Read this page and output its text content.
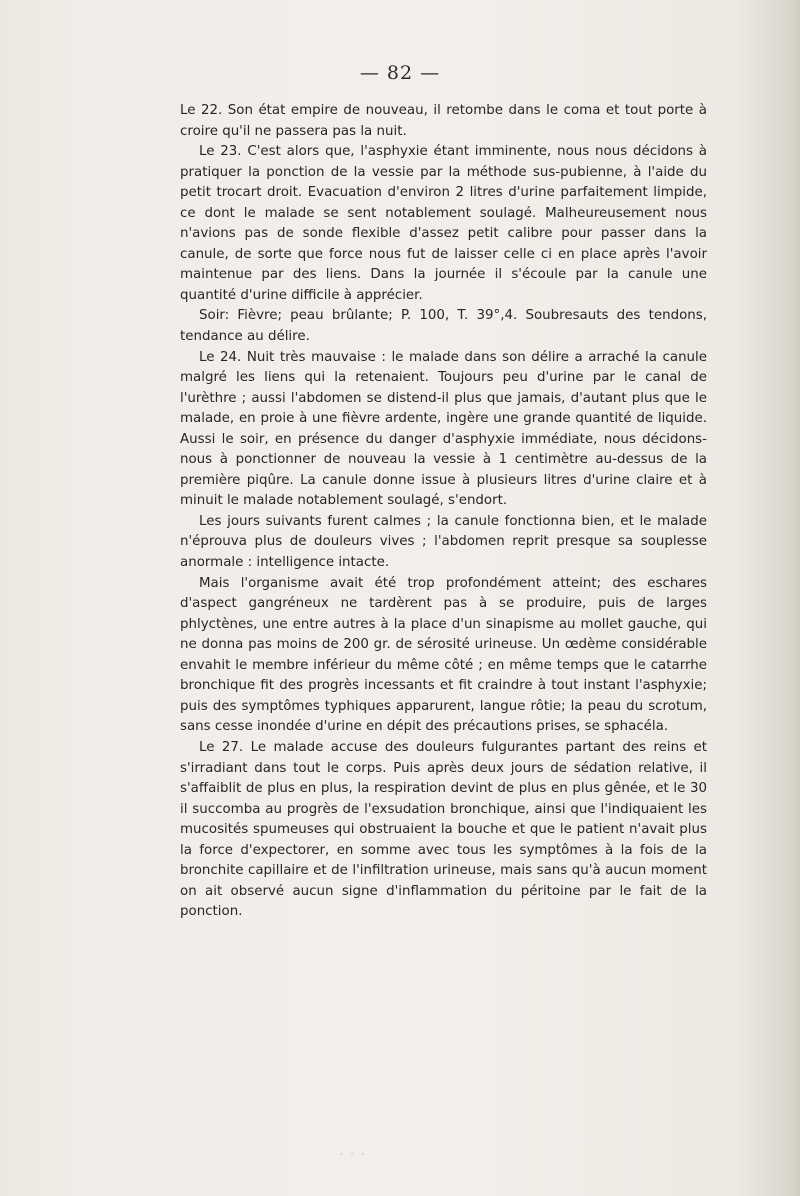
— 82 —

Le 22. Son état empire de nouveau, il retombe dans le coma et tout porte à croire qu'il ne passera pas la nuit.

Le 23. C'est alors que, l'asphyxie étant imminente, nous nous décidons à pratiquer la ponction de la vessie par la méthode sus-pubienne, à l'aide du petit trocart droit. Evacuation d'environ 2 litres d'urine parfaitement limpide, ce dont le malade se sent notablement soulagé. Malheureusement nous n'avions pas de sonde flexible d'assez petit calibre pour passer dans la canule, de sorte que force nous fut de laisser celle ci en place après l'avoir maintenue par des liens. Dans la journée il s'écoule par la canule une quantité d'urine difficile à apprécier.

Soir: Fièvre; peau brûlante; P. 100, T. 39°,4. Soubresauts des tendons, tendance au délire.

Le 24. Nuit très mauvaise : le malade dans son délire a arraché la canule malgré les liens qui la retenaient. Toujours peu d'urine par le canal de l'urèthre ; aussi l'abdomen se distend-il plus que jamais, d'autant plus que le malade, en proie à une fièvre ardente, ingère une grande quantité de liquide. Aussi le soir, en présence du danger d'asphyxie immédiate, nous décidons-nous à ponctionner de nouveau la vessie à 1 centimètre au-dessus de la première piqûre. La canule donne issue à plusieurs litres d'urine claire et à minuit le malade notablement soulagé, s'endort.

Les jours suivants furent calmes ; la canule fonctionna bien, et le malade n'éprouva plus de douleurs vives ; l'abdomen reprit presque sa souplesse anormale : intelligence intacte.

Mais l'organisme avait été trop profondément atteint; des eschares d'aspect gangréneux ne tardèrent pas à se produire, puis de larges phlyctènes, une entre autres à la place d'un sinapisme au mollet gauche, qui ne donna pas moins de 200 gr. de sérosité urineuse. Un œdème considérable envahit le membre inférieur du même côté ; en même temps que le catarrhe bronchique fit des progrès incessants et fit craindre à tout instant l'asphyxie; puis des symptômes typhiques apparurent, langue rôtie; la peau du scrotum, sans cesse inondée d'urine en dépit des précautions prises, se sphacéla.

Le 27. Le malade accuse des douleurs fulgurantes partant des reins et s'irradiant dans tout le corps. Puis après deux jours de sédation relative, il s'affaiblit de plus en plus, la respiration devint de plus en plus gênée, et le 30 il succomba au progrès de l'exsudation bronchique, ainsi que l'indiquaient les mucosités spumeuses qui obstruaient la bouche et que le patient n'avait plus la force d'expectorer, en somme avec tous les symptômes à la fois de la bronchite capillaire et de l'infiltration urineuse, mais sans qu'à aucun moment on ait observé aucun signe d'inflammation du péritoine par le fait de la ponction.

· · ·
